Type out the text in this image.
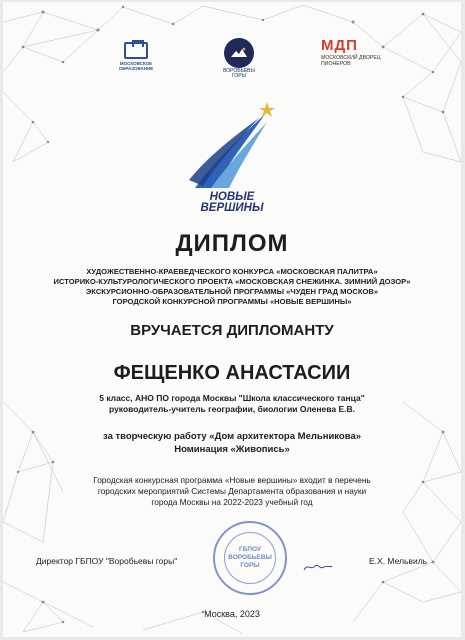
МОСКОВСКОЕ ОБРАЗОВАНИЕ	ВОРОБЬЕВЫ ГОРЫ
МДП
МОСКОВСКИЙ ДВОРЕЦ ПИОНЕРОВ
НОВЫЕ
ВЕРШИНЫ
ДИПЛОМ
ХУДОЖЕСТВЕННО-КРАЕВЕДЧЕСКОГО КОНКУРСА «МОСКОВСКАЯ ПАЛИТРА»
ИСТОРИКО-КУЛЬТУРОЛОГИЧЕСКОГО ПРОЕКТА «МОСКОВСКАЯ СНЕЖИНКА. ЗИМНИЙ ДОЗОР»
ЭКСКУРСИОННО-ОБРАЗОВАТЕЛЬНОЙ ПРОГРАММЫ «ЧУДЕН ГРАД МОСКОВ»
ГОРОДСКОЙ КОНКУРСНОЙ ПРОГРАММЫ «НОВЫЕ ВЕРШИНЫ»
ВРУЧАЕТСЯ ДИПЛОМАНТУ
ФЕЩЕНКО АНАСТАСИИ
5 класс, АНО ПО города Москвы "Школа классического танца"
руководитель-учитель географии, биологии Оленева Е.В.
за творческую работу «Дом архитектора Мельникова»
Номинация «Живопись»
Городская конкурсная программа «Новые вершины» входит в перечень
городских мероприятий Системы Департамента образования и науки
города Москвы на 2022-2023 учебный год
ГБПОУ ВОРОБЬЕВЫ ГОРЫ
Директор ГБПОУ "Воробьевы горы"	Е.Х. Мельвиль
Москва, 2023
